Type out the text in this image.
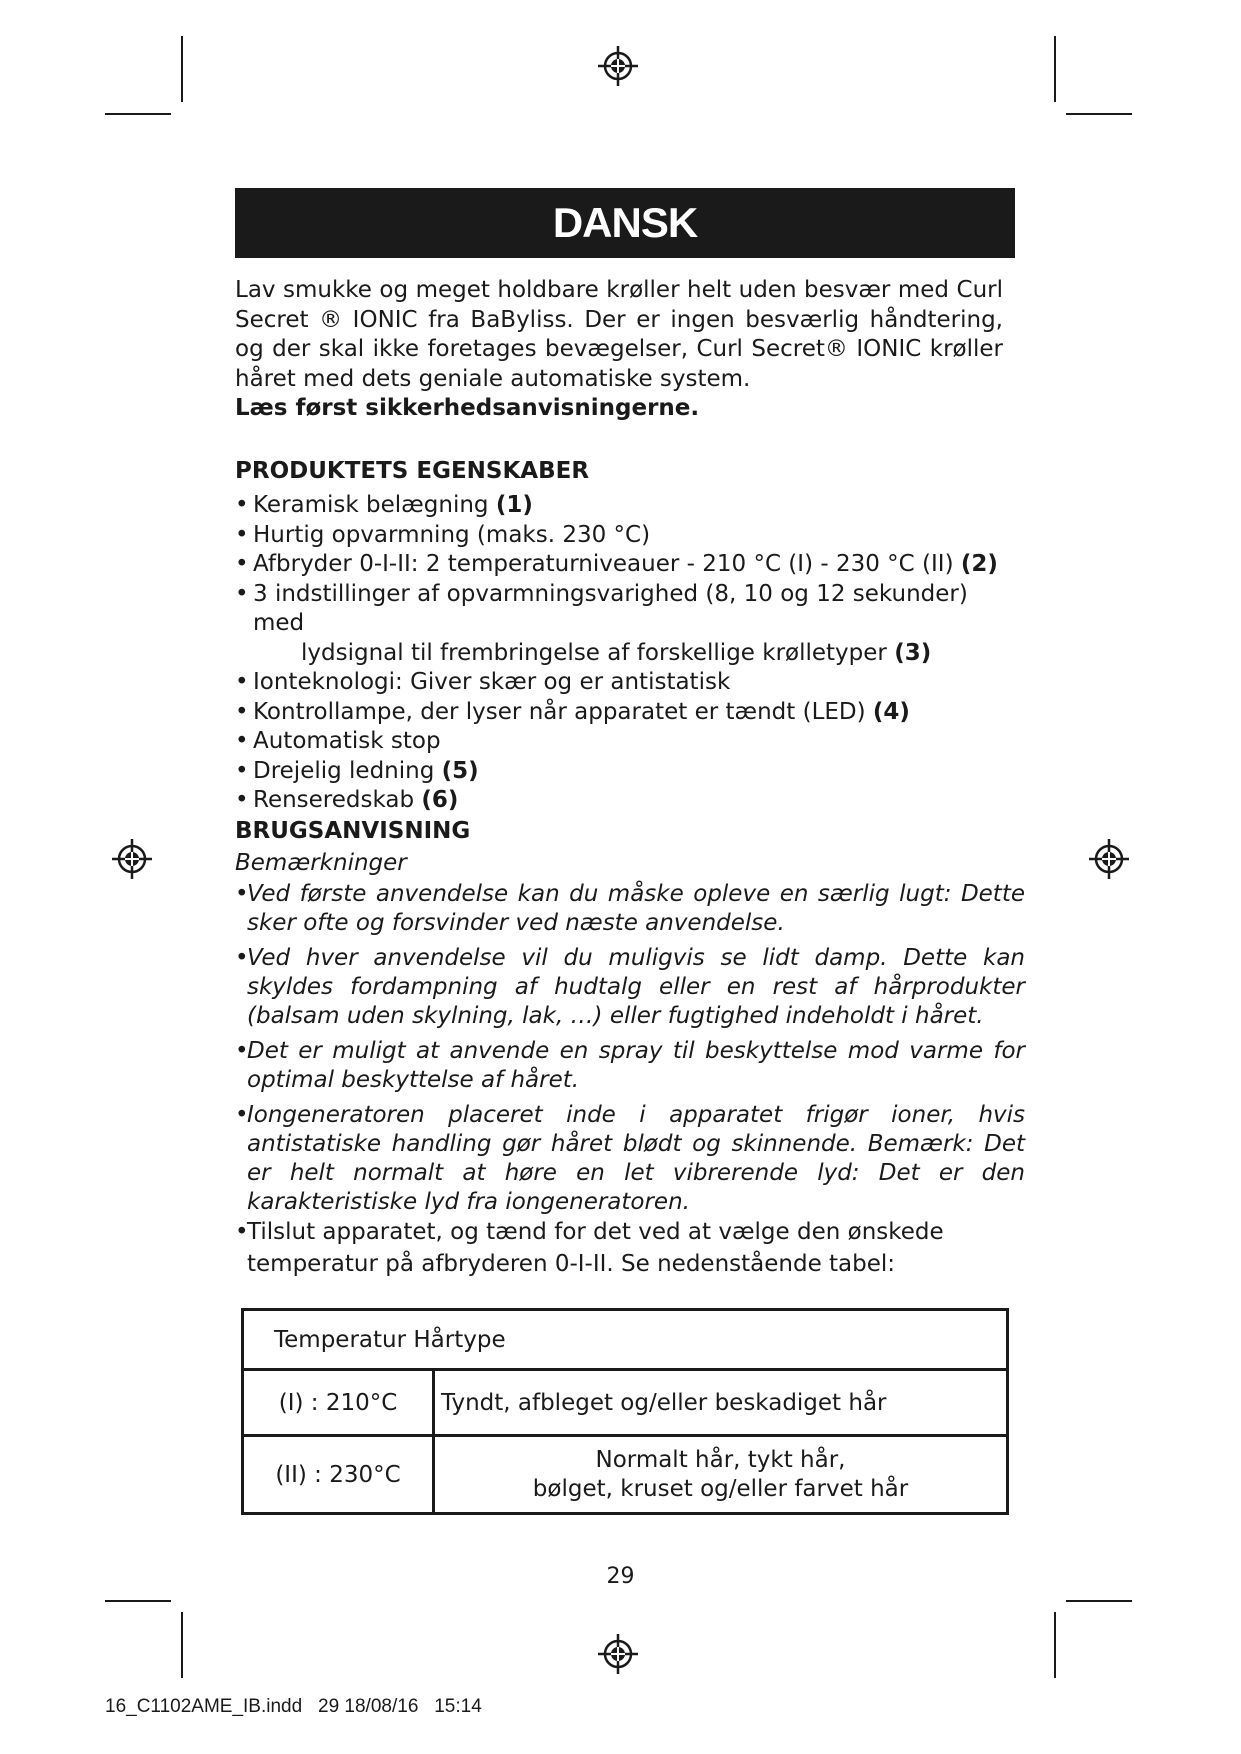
DANSK

Lav smukke og meget holdbare krøller helt uden besvær med Curl Secret ® IONIC fra BaByliss. Der er ingen besværlig håndtering, og der skal ikke foretages bevægelser, Curl Secret® IONIC krøller håret med dets geniale automatiske system.

Læs først sikkerhedsanvisningerne.

PRODUKTETS EGENSKABER
• Keramisk belægning (1)
• Hurtig opvarmning (maks. 230 °C)
• Afbryder 0-I-II: 2 temperaturniveauer - 210 °C (I) - 230 °C (II) (2)
• 3 indstillinger af opvarmningsvarighed (8, 10 og 12 sekunder) med
lydsignal til frembringelse af forskellige krølletyper (3)
• Ionteknologi: Giver skær og er antistatisk
• Kontrollampe, der lyser når apparatet er tændt (LED) (4)
• Automatisk stop
• Drejelig ledning (5)
• Renseredskab (6)
BRUGSANVISNING
Bemærkninger
• Ved første anvendelse kan du måske opleve en særlig lugt: Dette sker ofte og forsvinder ved næste anvendelse.
• Ved hver anvendelse vil du muligvis se lidt damp. Dette kan skyldes fordampning af hudtalg eller en rest af hårprodukter (balsam uden skylning, lak, …) eller fugtighed indeholdt i håret.
• Det er muligt at anvende en spray til beskyttelse mod varme for optimal beskyttelse af håret.
• Iongeneratoren placeret inde i apparatet frigør ioner, hvis antistatiske handling gør håret blødt og skinnende. Bemærk: Det er helt normalt at høre en let vibrerende lyd: Det er den karakteristiske lyd fra iongeneratoren.
• Tilslut apparatet, og tænd for det ved at vælge den ønskede temperatur på afbryderen 0-I-II. Se nedenstående tabel:
Temperatur Hårtype	
(I) : 210°C	Tyndt, afbleget og/eller beskadiget hår
(II) : 230°C	Normalt hår, tykt hår,
bølget, kruset og/eller farvet hår
29
16_C1102AME_IB.indd   29 18/08/16   15:14
